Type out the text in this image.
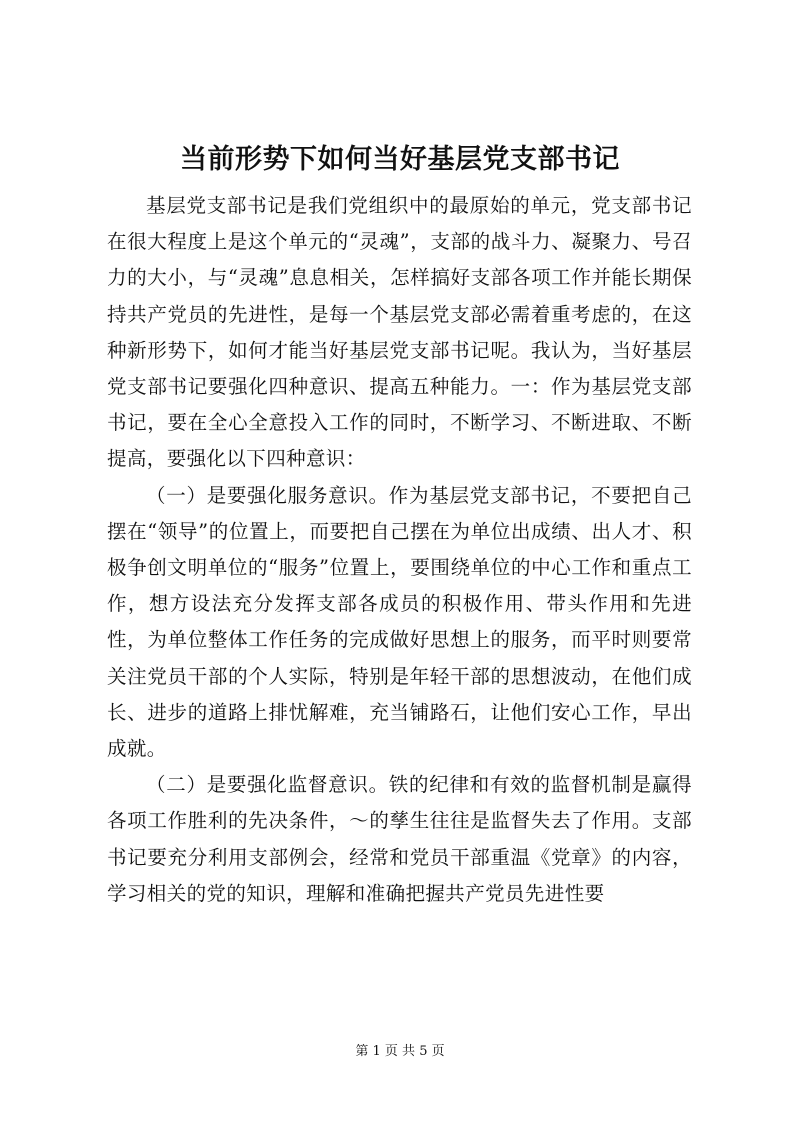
当前形势下如何当好基层党支部书记

基层党支部书记是我们党组织中的最原始的单元，党支部书记在很大程度上是这个单元的“灵魂”，支部的战斗力、凝聚力、号召力的大小，与“灵魂”息息相关，怎样搞好支部各项工作并能长期保持共产党员的先进性，是每一个基层党支部必需着重考虑的，在这种新形势下，如何才能当好基层党支部书记呢。我认为，当好基层党支部书记要强化四种意识、提高五种能力。一：作为基层党支部书记，要在全心全意投入工作的同时，不断学习、不断进取、不断提高，要强化以下四种意识：

（一）是要强化服务意识。作为基层党支部书记，不要把自己摆在“领导”的位置上，而要把自己摆在为单位出成绩、出人才、积极争创文明单位的“服务”位置上，要围绕单位的中心工作和重点工作，想方设法充分发挥支部各成员的积极作用、带头作用和先进性，为单位整体工作任务的完成做好思想上的服务，而平时则要常关注党员干部的个人实际，特别是年轻干部的思想波动，在他们成长、进步的道路上排忧解难，充当铺路石，让他们安心工作，早出成就。

（二）是要强化监督意识。铁的纪律和有效的监督机制是赢得各项工作胜利的先决条件，～的孳生往往是监督失去了作用。支部书记要充分利用支部例会，经常和党员干部重温《党章》的内容，学习相关的党的知识，理解和准确把握共产党员先进性要

第 1 页 共 5 页
